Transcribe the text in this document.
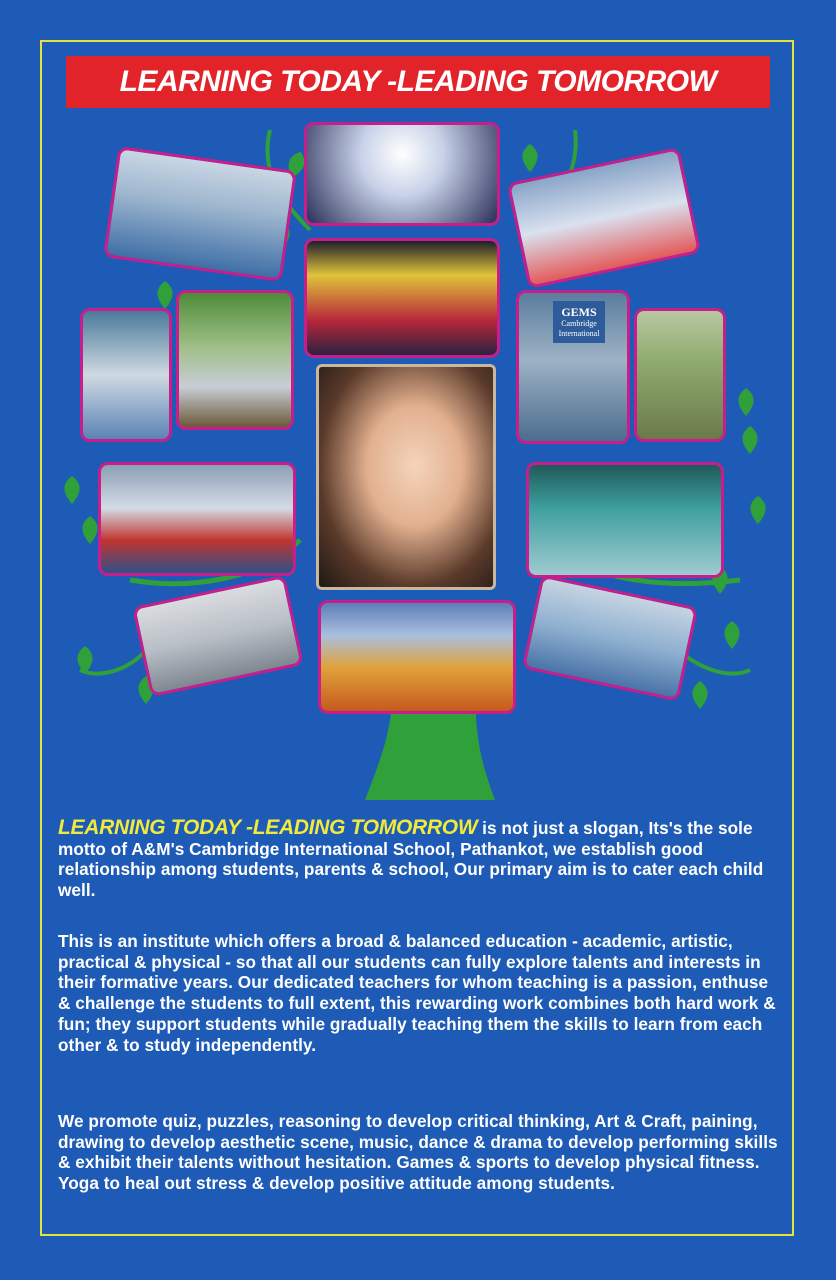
LEARNING TODAY -LEADING TOMORROW
GEMS
Cambridge
International
LEARNING TODAY -LEADING TOMORROW is not just a slogan, Its's the sole motto of A&M's Cambridge International School, Pathankot, we establish good relationship among students, parents & school, Our primary aim is to cater each child well.
This is an institute which offers a broad & balanced education - academic, artistic, practical & physical - so that all our students can fully explore talents and interests in their formative years. Our dedicated teachers for whom teaching is a passion, enthuse & challenge the students to full extent, this rewarding work combines both hard work & fun; they support students while gradually teaching them the skills to learn from each other & to study independently.
We promote quiz, puzzles, reasoning to develop critical thinking, Art & Craft, paining, drawing to develop aesthetic scene, music, dance & drama to develop performing skills & exhibit their talents without hesitation. Games & sports to develop physical fitness. Yoga to heal out stress & develop positive attitude among students.
